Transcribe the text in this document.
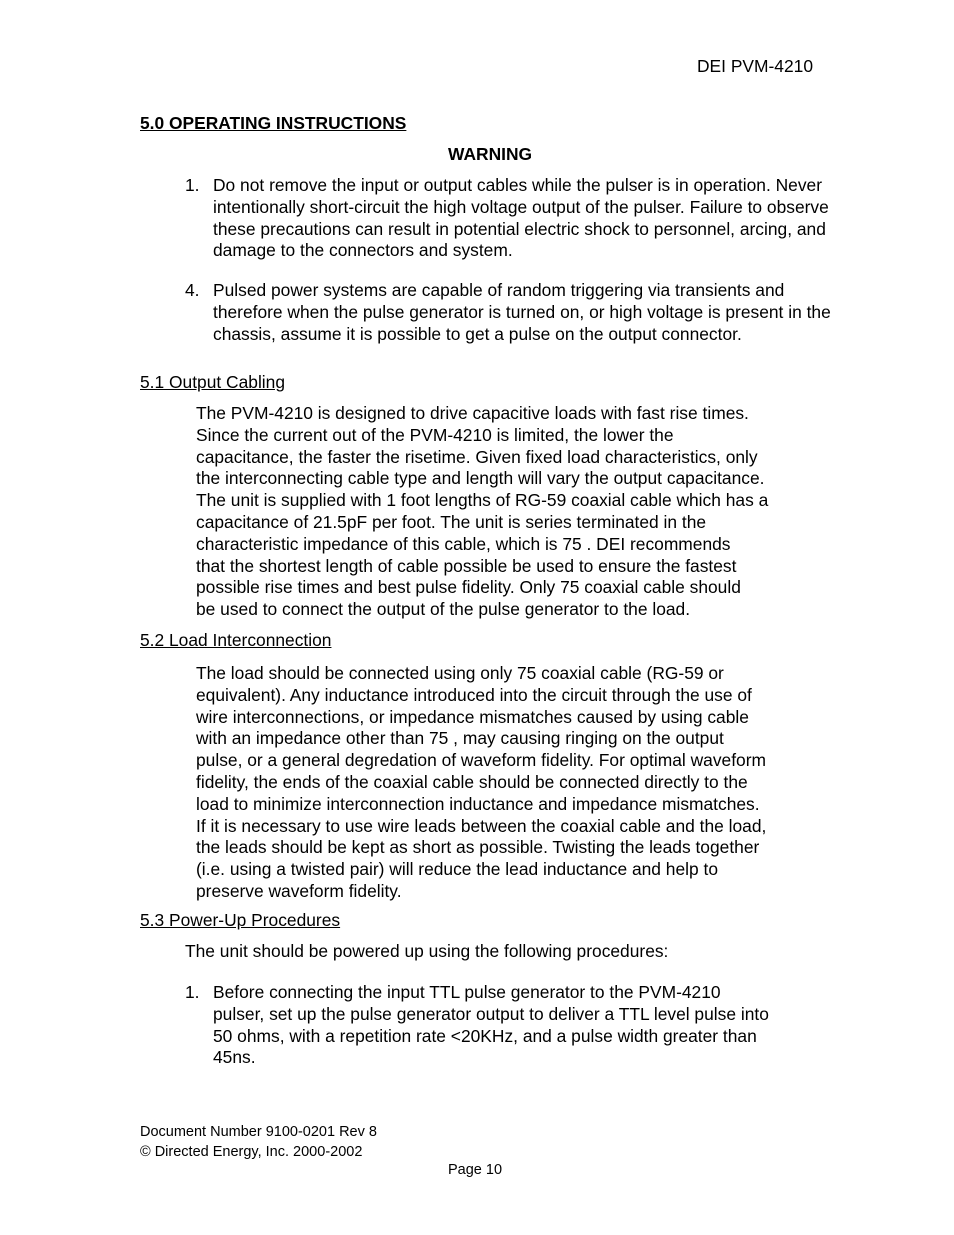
DEI PVM-4210
5.0 OPERATING INSTRUCTIONS
WARNING
1. Do not remove the input or output cables while the pulser is in operation. Never
intentionally short-circuit the high voltage output of the pulser. Failure to observe
these precautions can result in potential electric shock to personnel, arcing, and
damage to the connectors and system.
4. Pulsed power systems are capable of random triggering via transients and
therefore when the pulse generator is turned on, or high voltage is present in the
chassis, assume it is possible to get a pulse on the output connector.
5.1 Output Cabling
The PVM-4210 is designed to drive capacitive loads with fast rise times.
Since the current out of the PVM-4210 is limited, the lower the
capacitance, the faster the risetime. Given fixed load characteristics, only
the interconnecting cable type and length will vary the output capacitance.
The unit is supplied with 1 foot lengths of RG-59 coaxial cable which has a
capacitance of 21.5pF per foot. The unit is series terminated in the
characteristic impedance of this cable, which is 75 . DEI recommends
that the shortest length of cable possible be used to ensure the fastest
possible rise times and best pulse fidelity. Only 75 coaxial cable should
be used to connect the output of the pulse generator to the load.
5.2 Load Interconnection
The load should be connected using only 75 coaxial cable (RG-59 or
equivalent). Any inductance introduced into the circuit through the use of
wire interconnections, or impedance mismatches caused by using cable
with an impedance other than 75 , may causing ringing on the output
pulse, or a general degredation of waveform fidelity. For optimal waveform
fidelity, the ends of the coaxial cable should be connected directly to the
load to minimize interconnection inductance and impedance mismatches.
If it is necessary to use wire leads between the coaxial cable and the load,
the leads should be kept as short as possible. Twisting the leads together
(i.e. using a twisted pair) will reduce the lead inductance and help to
preserve waveform fidelity.
5.3 Power-Up Procedures
The unit should be powered up using the following procedures:
1. Before connecting the input TTL pulse generator to the PVM-4210
pulser, set up the pulse generator output to deliver a TTL level pulse into
50 ohms, with a repetition rate <20KHz, and a pulse width greater than
45ns.
Document Number 9100-0201 Rev 8
© Directed Energy, Inc. 2000-2002
Page 10
